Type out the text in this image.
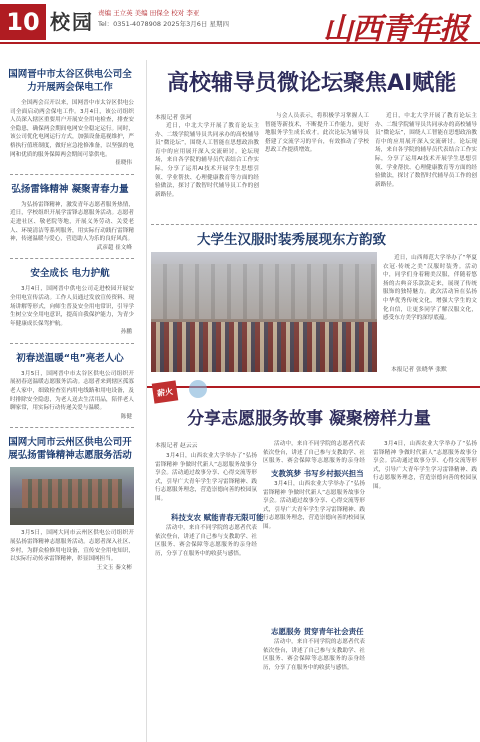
10 校园 责编 王立英 美编 田保全 校对 李亚
Tel：0351-4078908 2025年3月6日 星期四	山西青年报
国网晋中市太谷区供电公司全力开展两会保电工作
全国两会召开以来，国网晋中市太谷区供电公司全面启动两会保电工作。3月4日，该公司组织人员深入辖区重要用户开展安全用电检查，排查安全隐患，确保两会期间电网安全稳定运行。同时，该公司优化电网运行方式，加强设备巡视维护，严格执行值班制度，做好应急抢修准备，以坚强的电网和优质的服务保障两会期间可靠供电。
崔晓伟
弘扬雷锋精神 凝聚青春力量
为弘扬雷锋精神，激发青年志愿者服务热情，近日，学校组织开展学雷锋志愿服务活动。志愿者走进社区、敬老院等地，开展义务劳动、关爱老人、环境清洁等系列服务，用实际行动践行雷锋精神，传递温暖与爱心，营造助人为乐的良好风尚。
武彦超 崔文峰
安全成长 电力护航
3月4日，国网晋中供电公司走进校园开展安全用电宣传活动。工作人员通过发放宣传资料、现场讲解等形式，向师生普及安全用电常识，引导学生树立安全用电意识，提高自我保护能力，为青少年健康成长保驾护航。
孙鹏
初春送温暖“电”亮老人心
3月5日，国网晋中市太谷区供电公司组织开展初春送温暖志愿服务活动。志愿者来到辖区孤寡老人家中，细致检查室内用电线路和用电设备，及时排除安全隐患，为老人送去生活用品，陪伴老人聊家常，用实际行动传递关爱与温暖。
陈健
国网大同市云州区供电公司开展弘扬雷锋精神志愿服务活动
3月5日，国网大同市云州区供电公司组织开展弘扬雷锋精神志愿服务活动。志愿者深入社区、乡村，为群众检修用电设备，宣传安全用电知识，以实际行动传承雷锋精神，彰显国网担当。
王文玉 秦文彬
高校辅导员微论坛聚焦AI赋能
本报记者 张珂
近日，中北大学开展了教育论坛主办、二级学院辅导员共同承办的高校辅导员“微论坛”，围绕人工智能在思想政治教育中的应用展开深入交流研讨。论坛现场，来自各学院的辅导员代表结合工作实际，分享了运用AI技术开展学生思想引领、学业帮扶、心理健康教育等方面的经验做法，探讨了数智时代辅导员工作的创新路径。
与会人员表示，将积极学习掌握人工智能等新技术，不断提升工作能力，更好地服务学生成长成才。此次论坛为辅导员搭建了交流学习的平台，有效推动了学校思政工作提质增效。
近日，中北大学开展了教育论坛主办、二级学院辅导员共同承办的高校辅导员“微论坛”，围绕人工智能在思想政治教育中的应用展开深入交流研讨。论坛现场，来自各学院的辅导员代表结合工作实际，分享了运用AI技术开展学生思想引领、学业帮扶、心理健康教育等方面的经验做法，探讨了数智时代辅导员工作的创新路径。
大学生汉服时装秀展现东方韵致
近日，山西师范大学举办了“华夏衣冠·传统之美”汉服时装秀。活动中，同学们身着精美汉服，伴随着悠扬的古典音乐款款走来，展现了传统服饰的独特魅力。此次活动旨在弘扬中华优秀传统文化，增强大学生的文化自信，让更多同学了解汉服文化，感受东方美学的深厚底蕴。
本报记者 张晓华 张默
薪火
分享志愿服务故事 凝聚榜样力量
本报记者 赵云云
3月4日，山西农业大学举办了“弘扬雷锋精神 争做时代新人”志愿服务故事分享会。活动通过故事分享、心得交流等形式，引导广大青年学生学习雷锋精神、践行志愿服务理念，营造崇德向善的校园氛围。
科技支农 赋能青春无限可能
活动中，来自不同学院的志愿者代表依次登台，讲述了自己参与支教助学、社区服务、赛会保障等志愿服务的亲身经历，分享了在服务中的收获与感悟。
活动中，来自不同学院的志愿者代表依次登台，讲述了自己参与支教助学、社区服务、赛会保障等志愿服务的亲身经
支教筑梦 书写乡村振兴担当
3月4日，山西农业大学举办了“弘扬雷锋精神 争做时代新人”志愿服务故事分享会。活动通过故事分享、心得交流等形式，引导广大青年学生学习雷锋精神、践行志愿服务理念，营造崇德向善的校园氛围。
志愿服务 贯穿青年社会责任
活动中，来自不同学院的志愿者代表依次登台，讲述了自己参与支教助学、社区服务、赛会保障等志愿服务的亲身经历，分享了在服务中的收获与感悟。
3月4日，山西农业大学举办了“弘扬雷锋精神 争做时代新人”志愿服务故事分享会。活动通过故事分享、心得交流等形式，引导广大青年学生学习雷锋精神、践行志愿服务理念，营造崇德向善的校园氛围。
